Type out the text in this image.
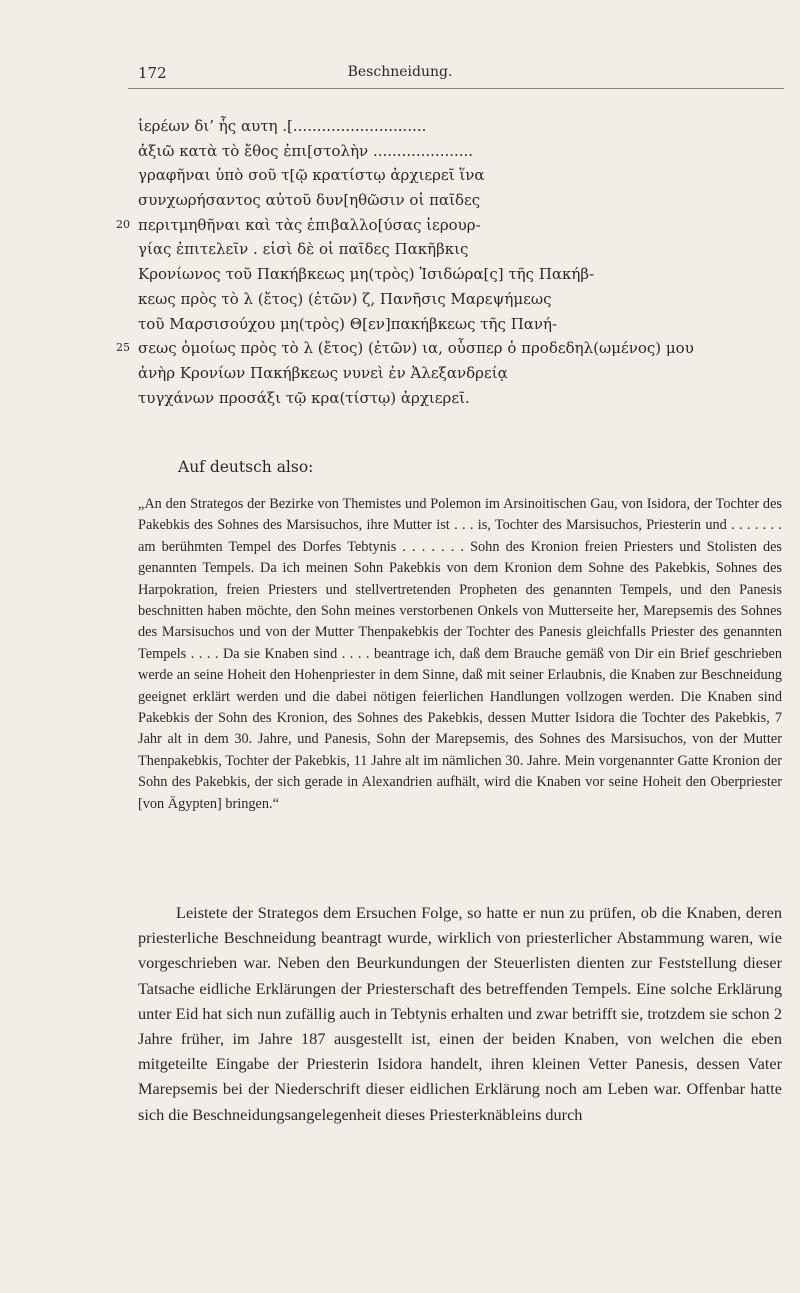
172	Beschneidung.
ἱερέων δι’ ἧς αυτη .[............................
ἀξιῶ κατὰ τὸ ἔθος ἐπι[στολὴν .....................
γραφῆναι ὑπὸ σοῦ τ[ῷ κρατίστῳ ἀρχιερεῖ ἵνα
συνχωρήσαντος αὐτοῦ δυν[ηθῶσιν οἱ παῖδες
20 περιτμηθῆναι καὶ τὰς ἐπιβαλλο[ύσας ἱερουρ-
γίας ἐπιτελεῖν . εἰσὶ δὲ οἱ παῖδες Πακῆβκις
Κρονίωνος τοῦ Πακήβκεως μη(τρὸς) Ἰσιδώρα[ς] τῆς Πακήβ-
κεως πρὸς τὸ λ (ἔτος) (ἐτῶν) ζ, Πανῆσις Μαρεψήμεως
τοῦ Μαρσισούχου μη(τρὸς) Θ[εν]πακήβκεως τῆς Πανή-
25 σεως ὁμοίως πρὸς τὸ λ (ἔτος) (ἐτῶν) ια, οὗσπερ ὁ προδεδηλ(ωμένος) μου
ἀνὴρ Κρονίων Πακήβκεως νυνεὶ ἐν Ἀλεξανδρείᾳ
τυγχάνων προσάξι τῷ κρα(τίστῳ) ἀρχιερεῖ.
Auf deutsch also:
„An den Strategos der Bezirke von Themistes und Polemon im Arsinoitischen Gau, von Isidora, der Tochter des Pakebkis des Sohnes des Marsisuchos, ihre Mutter ist . . . is, Tochter des Marsisuchos, Priesterin und . . . . . . . am berühmten Tempel des Dorfes Tebtynis . . . . . . . Sohn des Kronion freien Priesters und Stolisten des genannten Tempels. Da ich meinen Sohn Pakebkis von dem Kronion dem Sohne des Pakebkis, Sohnes des Harpokration, freien Priesters und stellvertretenden Propheten des genannten Tempels, und den Panesis beschnitten haben möchte, den Sohn meines verstorbenen Onkels von Mutterseite her, Marepsemis des Sohnes des Marsisuchos und von der Mutter Thenpakebkis der Tochter des Panesis gleichfalls Priester des genannten Tempels . . . . Da sie Knaben sind . . . . beantrage ich, daß dem Brauche gemäß von Dir ein Brief geschrieben werde an seine Hoheit den Hohenpriester in dem Sinne, daß mit seiner Erlaubnis, die Knaben zur Beschneidung geeignet erklärt werden und die dabei nötigen feierlichen Handlungen vollzogen werden. Die Knaben sind Pakebkis der Sohn des Kronion, des Sohnes des Pakebkis, dessen Mutter Isidora die Tochter des Pakebkis, 7 Jahr alt in dem 30. Jahre, und Panesis, Sohn der Marepsemis, des Sohnes des Marsisuchos, von der Mutter Thenpakebkis, Tochter der Pakebkis, 11 Jahre alt im nämlichen 30. Jahre. Mein vorgenannter Gatte Kronion der Sohn des Pakebkis, der sich gerade in Alexandrien aufhält, wird die Knaben vor seine Hoheit den Oberpriester [von Ägypten] bringen.“
Leistete der Strategos dem Ersuchen Folge, so hatte er nun zu prüfen, ob die Knaben, deren priesterliche Beschneidung beantragt wurde, wirklich von priesterlicher Abstammung waren, wie vorgeschrieben war. Neben den Beurkundungen der Steuerlisten dienten zur Feststellung dieser Tatsache eidliche Erklärungen der Priesterschaft des betreffenden Tempels. Eine solche Erklärung unter Eid hat sich nun zufällig auch in Tebtynis erhalten und zwar betrifft sie, trotzdem sie schon 2 Jahre früher, im Jahre 187 ausgestellt ist, einen der beiden Knaben, von welchen die eben mitgeteilte Eingabe der Priesterin Isidora handelt, ihren kleinen Vetter Panesis, dessen Vater Marepsemis bei der Niederschrift dieser eidlichen Erklärung noch am Leben war. Offenbar hatte sich die Beschneidungsangelegenheit dieses Priesterknäbleins durch
